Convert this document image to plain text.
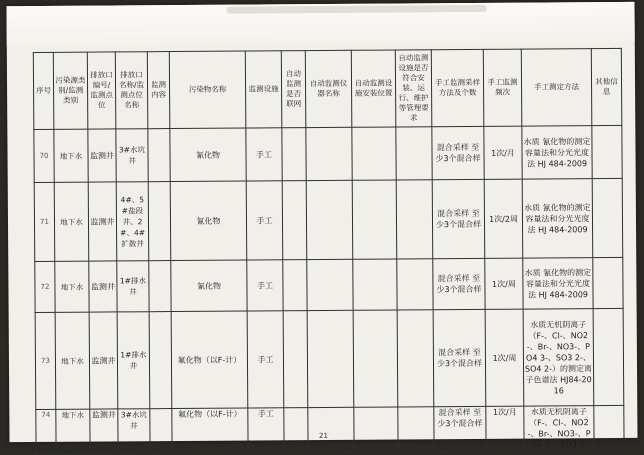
序号	污染源类别/监测类别	排放口编号/监测点位	排放口名称/监测点位名称	监测内容	污染物名称	监测设施	自动监测是否联网	自动监测仪器名称	自动监测设施安装位置	自动监测设施是否符合安装、运行、维护等管理要求	手工监测采样方法及个数	手工监测频次	手工测定方法	其他信息
70	地下水	监测井	3#水坑井		氰化物	手工					混合采样 至少3个混合样	1次/月	水质 氰化物的测定 容量法和分光光度法 HJ 484-2009	
71	地下水	监测井	4#、5#盐段井、2#、4#扩散井		氰化物	手工					混合采样 至少3个混合样	1次/2周	水质 氰化物的测定 容量法和分光光度法 HJ 484-2009	
72	地下水	监测井	1#排水井		氰化物	手工					混合采样 至少3个混合样	1次/周	水质 氰化物的测定 容量法和分光光度法 HJ 484-2009	
73	地下水	监测井	1#排水井		氟化物（以F-计）	手工					混合采样 至少3个混合样	1次/周	水质无机阴离子（F-、Cl-、NO2-、Br-、NO3-、PO4 3-、SO3 2-、SO4 2-）的测定离子色谱法 HJ84-2016	
74	地下水	监测井	3#水坑井		氟化物（以F-计）	手工					混合采样 至少3个混合样	1次/月	水质无机阴离子（F-、Cl-、NO2-、Br-、NO3-、PO4 3-、SO3 2-	
21
